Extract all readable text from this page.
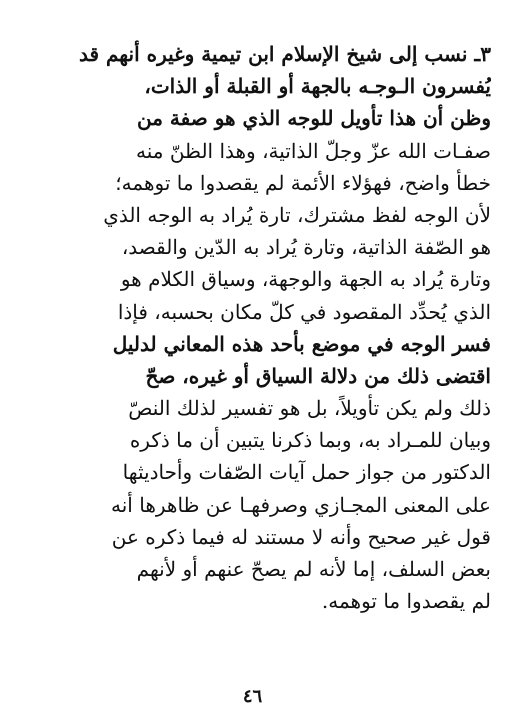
٣ـ نسب إلى شيخ الإسلام ابن تيمية وغيره أنهم قد
يُفسرون الـوجـه بالجهة أو القبلة أو الذات،
وظن أن هذا تأويل للوجه الذي هو صفة من
صفـات الله عزّ وجلّ الذاتية، وهذا الظنّ منه
خطأ واضح، فهؤلاء الأئمة لم يقصدوا ما توهمه؛
لأن الوجه لفظ مشترك، تارة يُراد به الوجه الذي
هو الصّفة الذاتية، وتارة يُراد به الدّين والقصد،
وتارة يُراد به الجهة والوجهة، وسياق الكلام هو
الذي يُحدِّد المقصود في كلّ مكان بحسبه، فإذا
فسر الوجه في موضع بأحد هذه المعاني لدليل
اقتضى ذلك من دلالة السياق أو غيره، صحّ
ذلك ولم يكن تأويلاً، بل هو تفسير لذلك النصّ
وبيان للمـراد به، وبما ذكرنا يتبين أن ما ذكره
الدكتور من جواز حمل آيات الصّفات وأحاديثها
على المعنى المجـازي وصرفهـا عن ظاهرها أنه
قول غير صحيح وأنه لا مستند له فيما ذكره عن
بعض السلف، إما لأنه لم يصحّ عنهم أو لأنهم
لم يقصدوا ما توهمه.
٤٦
